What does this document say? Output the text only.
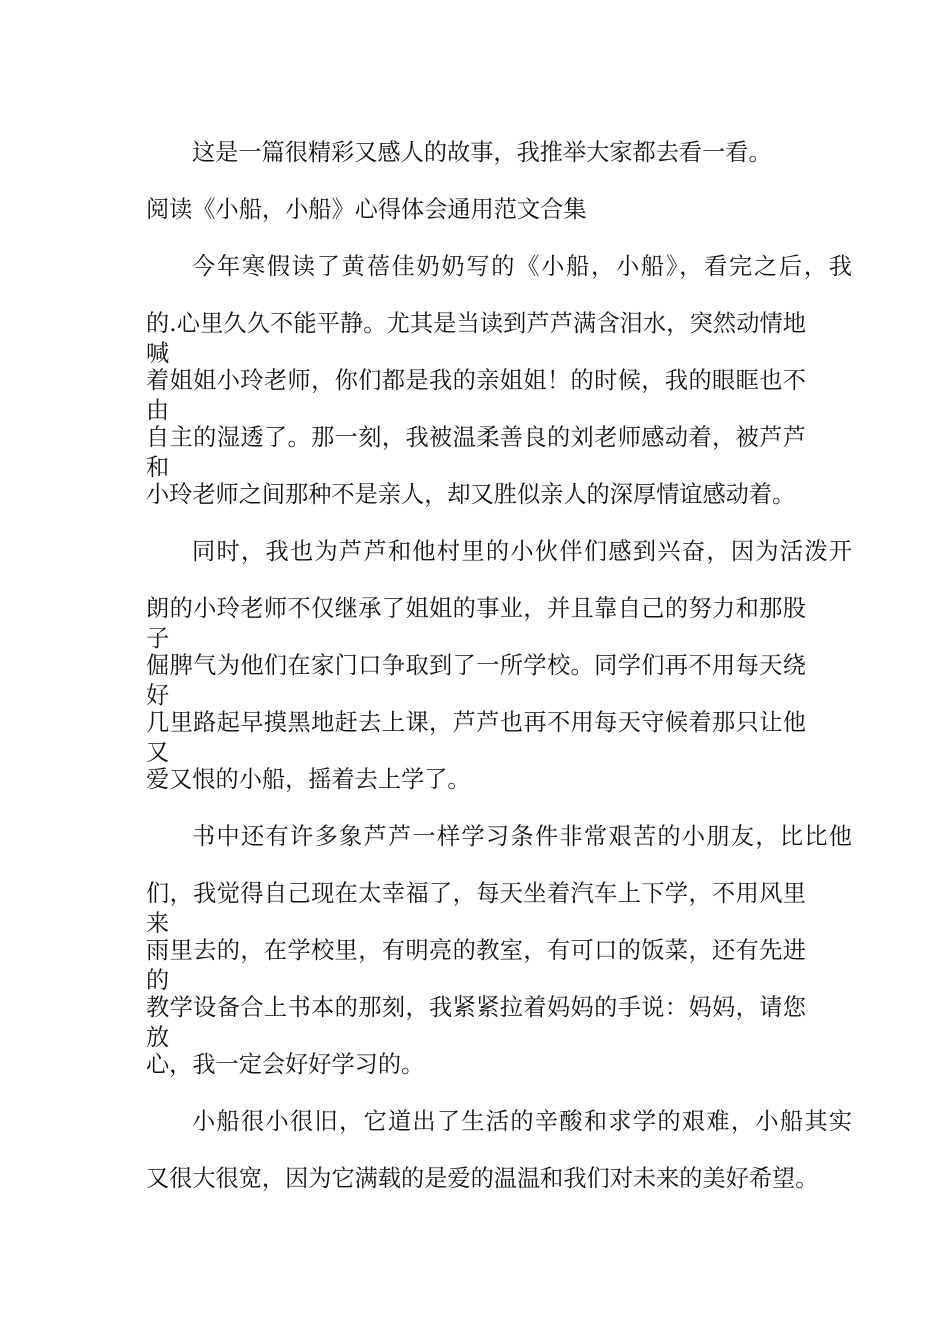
这是一篇很精彩又感人的故事，我推举大家都去看一看。
阅读《小船，小船》心得体会通用范文合集
今年寒假读了黄蓓佳奶奶写的《小船，小船》，看完之后，我
的.心里久久不能平静。尤其是当读到芦芦满含泪水，突然动情地喊
着姐姐小玲老师，你们都是我的亲姐姐！的时候，我的眼眶也不由
自主的湿透了。那一刻，我被温柔善良的刘老师感动着，被芦芦和
小玲老师之间那种不是亲人，却又胜似亲人的深厚情谊感动着。
同时，我也为芦芦和他村里的小伙伴们感到兴奋，因为活泼开
朗的小玲老师不仅继承了姐姐的事业，并且靠自己的努力和那股子
倔脾气为他们在家门口争取到了一所学校。同学们再不用每天绕好
几里路起早摸黑地赶去上课，芦芦也再不用每天守候着那只让他又
爱又恨的小船，摇着去上学了。
书中还有许多象芦芦一样学习条件非常艰苦的小朋友，比比他
们，我觉得自己现在太幸福了，每天坐着汽车上下学，不用风里来
雨里去的，在学校里，有明亮的教室，有可口的饭菜，还有先进的
教学设备合上书本的那刻，我紧紧拉着妈妈的手说：妈妈，请您放
心，我一定会好好学习的。
小船很小很旧，它道出了生活的辛酸和求学的艰难，小船其实
又很大很宽，因为它满载的是爱的温温和我们对未来的美好希望。
